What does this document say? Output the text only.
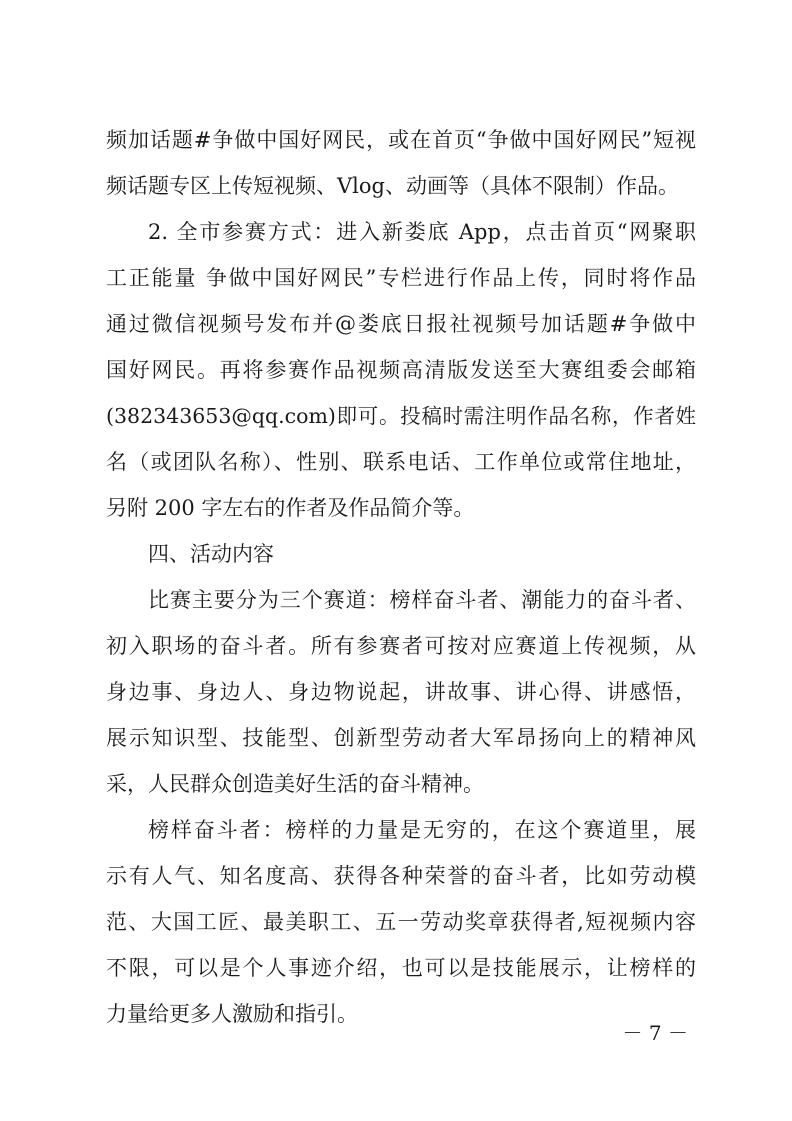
频加话题#争做中国好网民，或在首页“争做中国好网民”短视
频话题专区上传短视频、Vlog、动画等（具体不限制）作品。
2. 全市参赛方式：进入新娄底 App，点击首页“网聚职
工正能量 争做中国好网民”专栏进行作品上传，同时将作品
通过微信视频号发布并@娄底日报社视频号加话题#争做中
国好网民。再将参赛作品视频高清版发送至大赛组委会邮箱
(382343653@qq.com)即可。投稿时需注明作品名称，作者姓
名（或团队名称）、性别、联系电话、工作单位或常住地址，
另附 200 字左右的作者及作品简介等。
四、活动内容
比赛主要分为三个赛道：榜样奋斗者、潮能力的奋斗者、
初入职场的奋斗者。所有参赛者可按对应赛道上传视频，从
身边事、身边人、身边物说起，讲故事、讲心得、讲感悟，
展示知识型、技能型、创新型劳动者大军昂扬向上的精神风
采，人民群众创造美好生活的奋斗精神。
榜样奋斗者：榜样的力量是无穷的，在这个赛道里，展
示有人气、知名度高、获得各种荣誉的奋斗者，比如劳动模
范、大国工匠、最美职工、五一劳动奖章获得者,短视频内容
不限，可以是个人事迹介绍，也可以是技能展示，让榜样的
力量给更多人激励和指引。
－ 7 －
